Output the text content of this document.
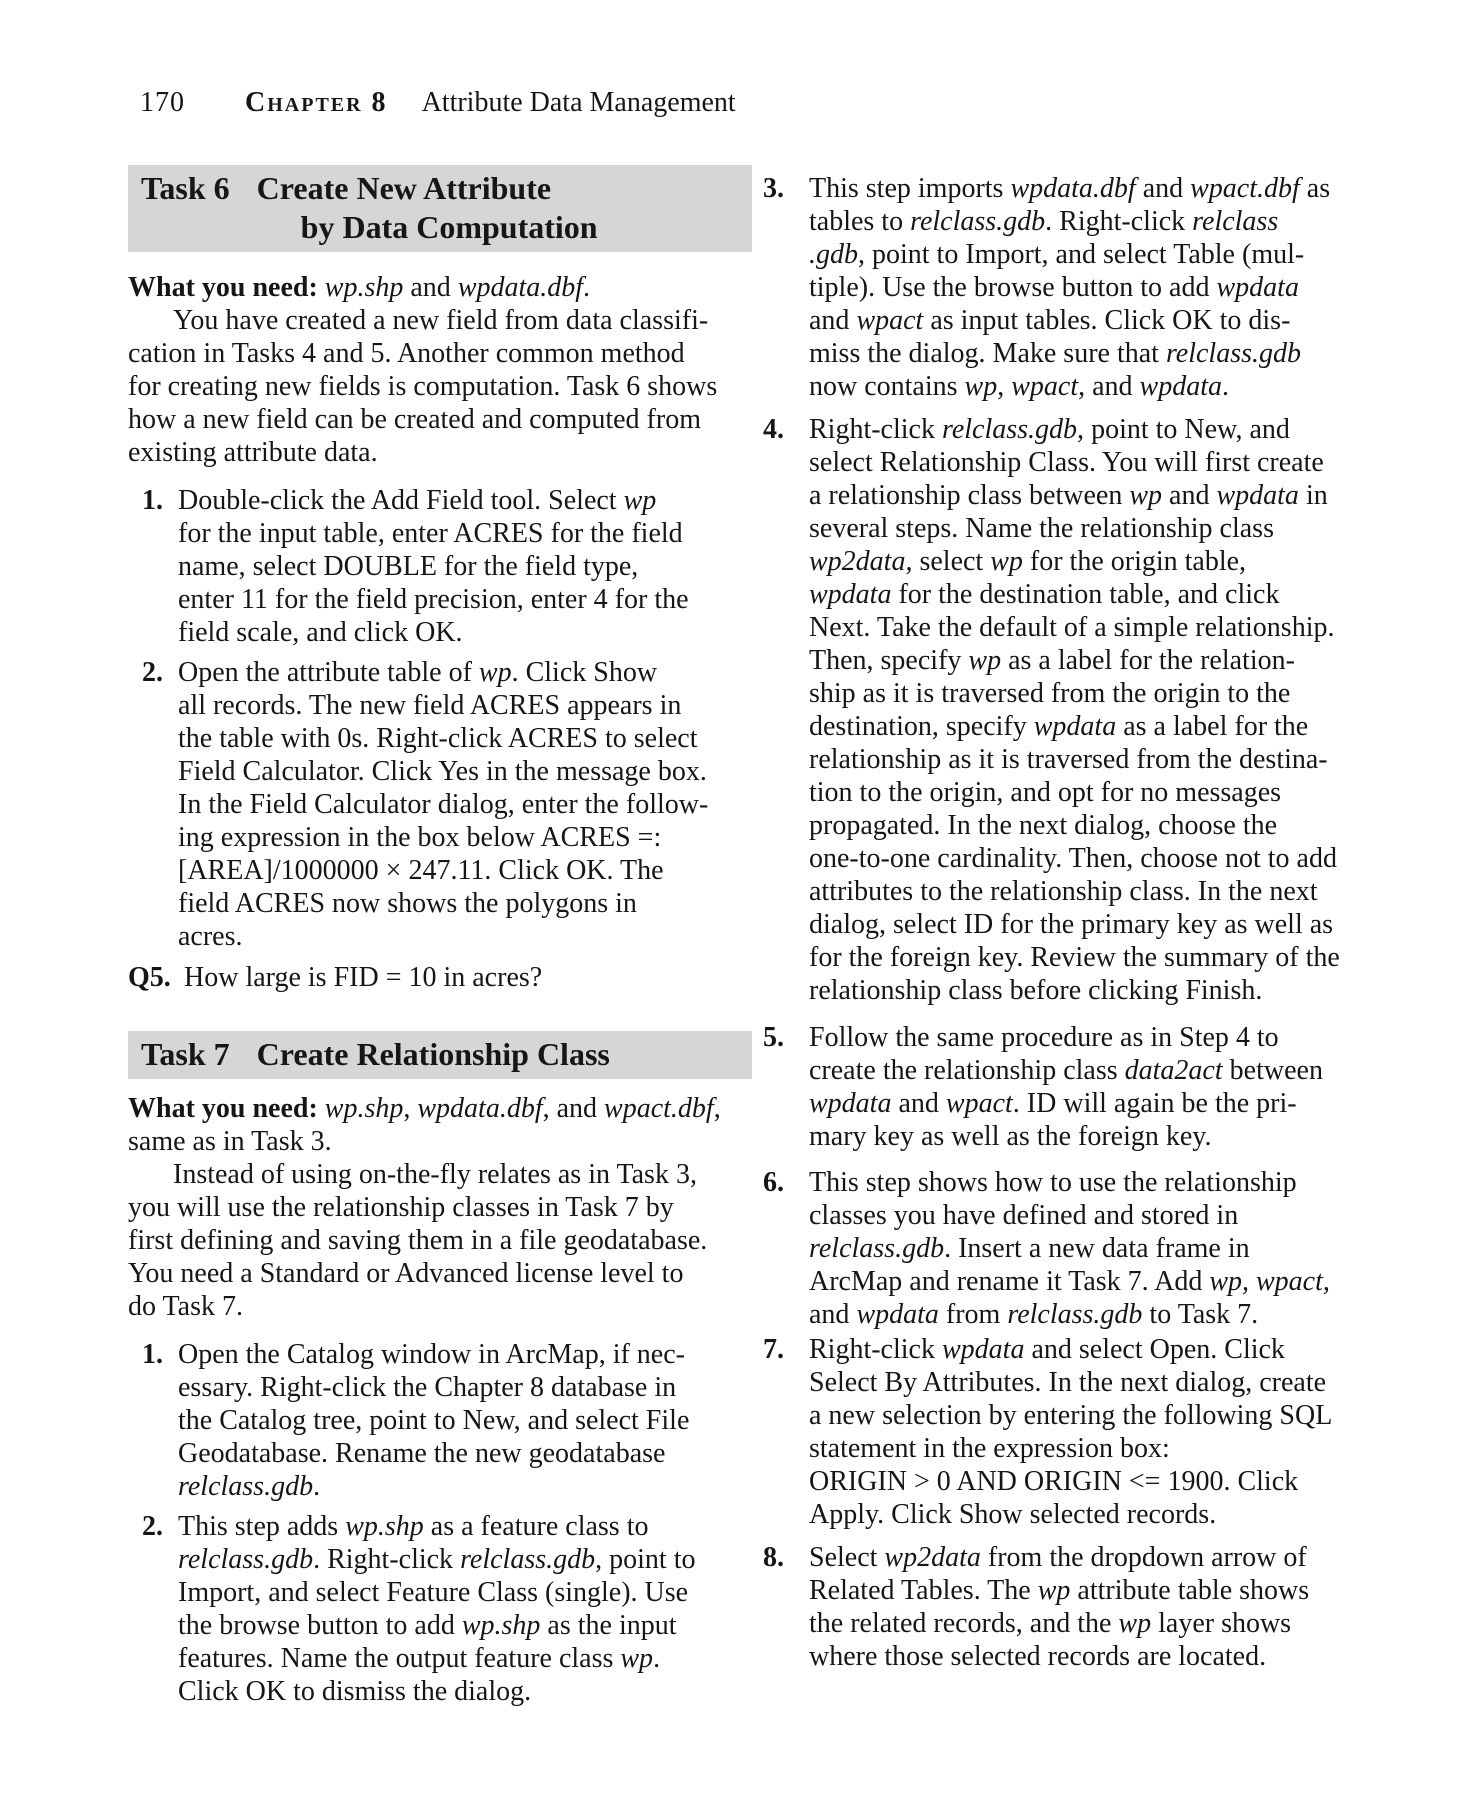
170 Chapter 8 Attribute Data Management
Task 6 Create New Attribute
by Data Computation

What you need: wp.shp and wpdata.dbf.

You have created a new field from data classifi-
cation in Tasks 4 and 5. Another common method
for creating new fields is computation. Task 6 shows
how a new field can be created and computed from
existing attribute data.

1. Double-click the Add Field tool. Select wp
for the input table, enter ACRES for the field
name, select DOUBLE for the field type,
enter 11 for the field precision, enter 4 for the
field scale, and click OK.
2. Open the attribute table of wp. Click Show
all records. The new field ACRES appears in
the table with 0s. Right-click ACRES to select
Field Calculator. Click Yes in the message box.
In the Field Calculator dialog, enter the follow-
ing expression in the box below ACRES =:
[AREA]/1000000 × 247.11. Click OK. The
field ACRES now shows the polygons in
acres.
Q5. How large is FID = 10 in acres?
Task 7 Create Relationship Class

What you need: wp.shp, wpdata.dbf, and wpact.dbf,
same as in Task 3.

Instead of using on-the-fly relates as in Task 3,
you will use the relationship classes in Task 7 by
first defining and saving them in a file geodatabase.
You need a Standard or Advanced license level to
do Task 7.

1. Open the Catalog window in ArcMap, if nec-
essary. Right-click the Chapter 8 database in
the Catalog tree, point to New, and select File
Geodatabase. Rename the new geodatabase
relclass.gdb.
2. This step adds wp.shp as a feature class to
relclass.gdb. Right-click relclass.gdb, point to
Import, and select Feature Class (single). Use
the browse button to add wp.shp as the input
features. Name the output feature class wp.
Click OK to dismiss the dialog.
3. This step imports wpdata.dbf and wpact.dbf as
tables to relclass.gdb. Right-click relclass
.gdb, point to Import, and select Table (mul-
tiple). Use the browse button to add wpdata
and wpact as input tables. Click OK to dis-
miss the dialog. Make sure that relclass.gdb
now contains wp, wpact, and wpdata.
4. Right-click relclass.gdb, point to New, and
select Relationship Class. You will first create
a relationship class between wp and wpdata in
several steps. Name the relationship class
wp2data, select wp for the origin table,
wpdata for the destination table, and click
Next. Take the default of a simple relationship.
Then, specify wp as a label for the relation-
ship as it is traversed from the origin to the
destination, specify wpdata as a label for the
relationship as it is traversed from the destina-
tion to the origin, and opt for no messages
propagated. In the next dialog, choose the
one-to-one cardinality. Then, choose not to add
attributes to the relationship class. In the next
dialog, select ID for the primary key as well as
for the foreign key. Review the summary of the
relationship class before clicking Finish.
5. Follow the same procedure as in Step 4 to
create the relationship class data2act between
wpdata and wpact. ID will again be the pri-
mary key as well as the foreign key.
6. This step shows how to use the relationship
classes you have defined and stored in
relclass.gdb. Insert a new data frame in
ArcMap and rename it Task 7. Add wp, wpact,
and wpdata from relclass.gdb to Task 7.
7. Right-click wpdata and select Open. Click
Select By Attributes. In the next dialog, create
a new selection by entering the following SQL
statement in the expression box:
ORIGIN > 0 AND ORIGIN <= 1900. Click
Apply. Click Show selected records.
8. Select wp2data from the dropdown arrow of
Related Tables. The wp attribute table shows
the related records, and the wp layer shows
where those selected records are located.
